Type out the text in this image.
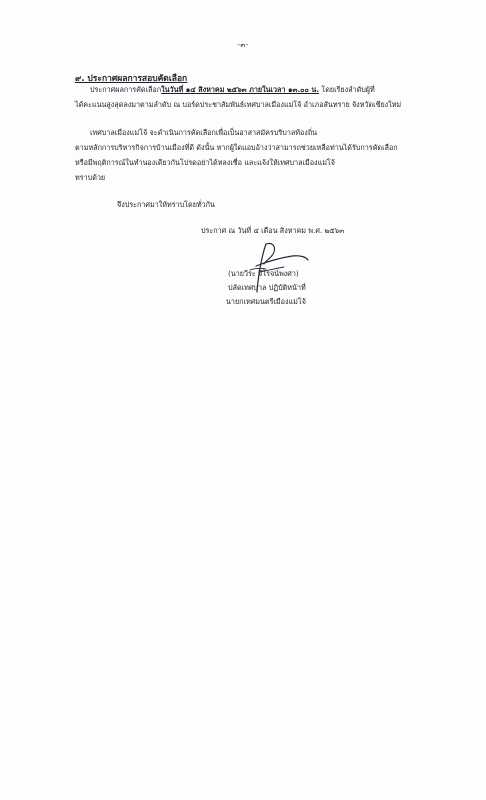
-๓-
๙. ประกาศผลการสอบคัดเลือก
ประกาศผลการคัดเลือกในวันที่ ๑๔ สิงหาคม ๒๕๖๓ ภายในเวลา ๑๓.๐๐ น. โดยเรียงลำดับผู้ที่
ได้คะแนนสูงสุดลงมาตามลำดับ ณ บอร์ดประชาสัมพันธ์เทศบาลเมืองแม่โจ้ อำเภอสันทราย จังหวัดเชียงใหม่
เทศบาลเมืองแม่โจ้ จะดำเนินการคัดเลือกเพื่อเป็นอาสาสมัครบริบาลท้องถิ่น
ตามหลักการบริหารกิจการบ้านเมืองที่ดี ดังนั้น หากผู้ใดแอบอ้างว่าสามารถช่วยเหลือท่านได้รับการคัดเลือก
หรือมีพฤติการณ์ในทำนองเดียวกันโปรดอย่าได้หลงเชื่อ และแจ้งให้เทศบาลเมืองแม่โจ้
ทราบด้วย
จึงประกาศมาให้ทราบโดยทั่วกัน
ประกาศ ณ วันที่ ๔ เดือน สิงหาคม พ.ศ. ๒๕๖๓
(นายวีระ จีโรจน์พงศา)
ปลัดเทศบาล ปฏิบัติหน้าที่
นายกเทศมนตรีเมืองแม่โจ้
